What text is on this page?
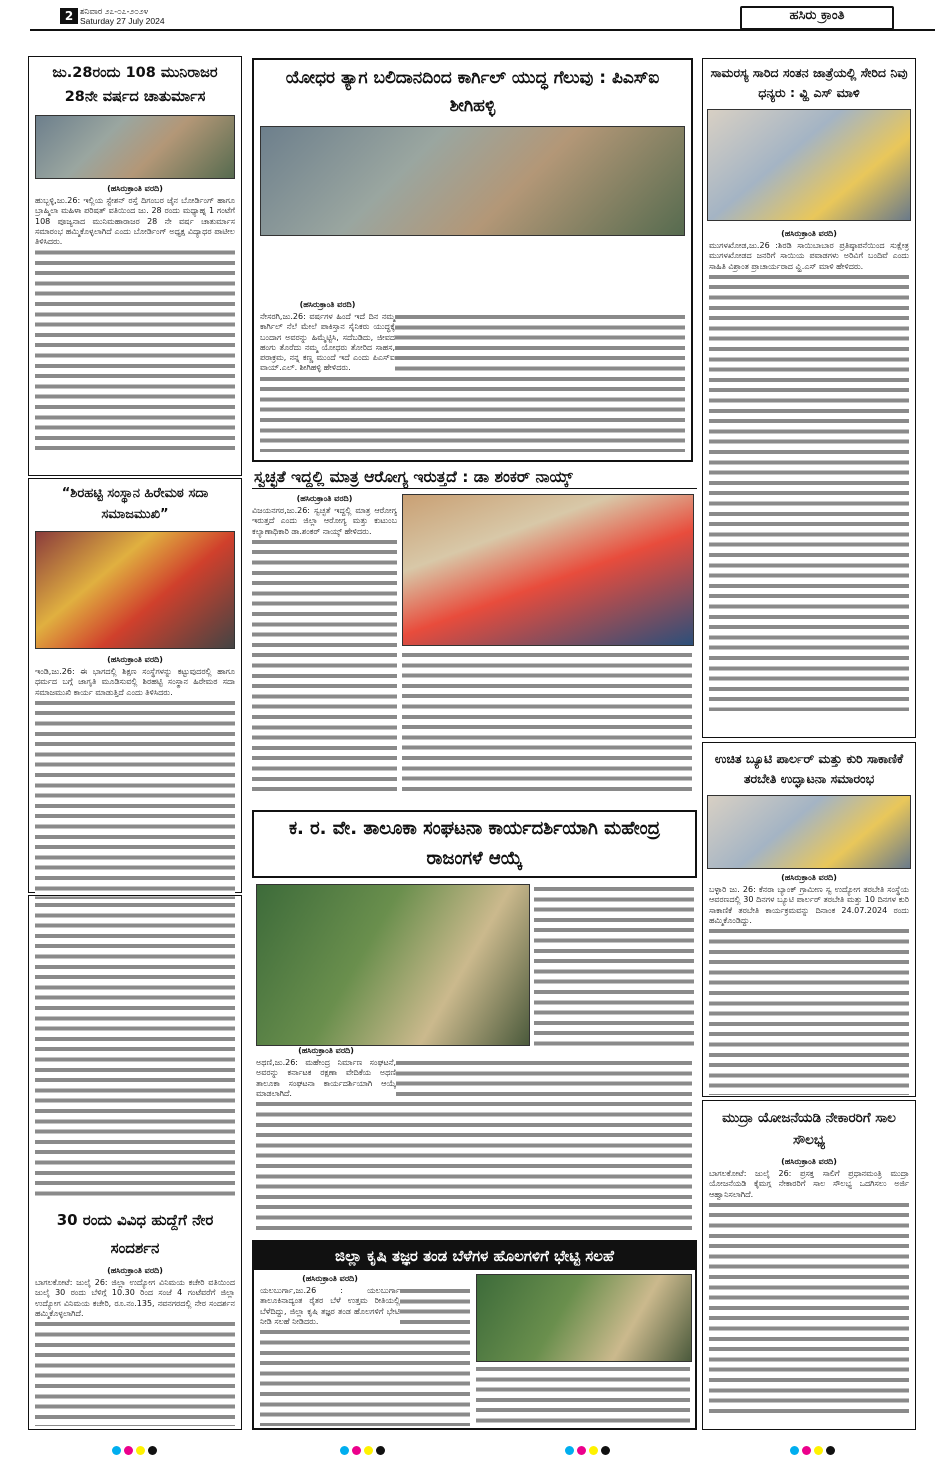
2 ಶನಿವಾರ ೨೭-೦೭-೨೦೨೪
Saturday 27 July 2024	ಹಸಿರು ಕ್ರಾಂತಿ
ಜು.28ರಂದು 108 ಮುನಿರಾಜರ 28ನೇ ವರ್ಷದ ಚಾತುರ್ಮಾಸ
(ಹಸಿರುಕ್ರಾಂತಿ ವರದಿ)
ಹುಬ್ಬಳ್ಳಿ,ಜು.26: ಇಲ್ಲಿಯ ಸ್ಟೇಶನ್ ರಸ್ತೆ ದಿಗಂಬರ ಜೈನ ಬೋರ್ಡಿಂಗ್ ಹಾಗೂ ಬ್ರಾಹ್ಮಿಲಾ ಮಹಿಳಾ ಪರಿಷತ್ ವತಿಯಿಂದ ಜು. 28 ರಂದು ಮಧ್ಯಾಹ್ನ 1 ಗಂಟೆಗೆ 108 ಪೂಜ್ಯನಾದ ಮುನಿಮಹಾರಾಜರ 28 ನೇ ವರ್ಷ ಚಾತುರ್ಮಾಸ ಸಮಾರಂಭ ಹಮ್ಮಿಕೊಳ್ಳಲಾಗಿದೆ ಎಂದು ಬೋರ್ಡಿಂಗ್ ಅಧ್ಯಕ್ಷ ವಿದ್ಯಾಧರ ಪಾಟೀಲ ತಿಳಿಸಿದರು.
“ಶಿರಹಟ್ಟಿ ಸಂಸ್ಥಾನ ಹಿರೇಮಠ ಸದಾ ಸಮಾಜಮುಖಿ”
(ಹಸಿರುಕ್ರಾಂತಿ ವರದಿ)
ಇಂಡಿ,ಜು.26: ಈ ಭಾಗದಲ್ಲಿ ಶಿಕ್ಷಣ ಸಂಸ್ಥೆಗಳನ್ನು ಕಟ್ಟುವುದರಲ್ಲಿ ಹಾಗೂ ಧರ್ಮದ ಬಗ್ಗೆ ಜಾಗೃತಿ ಮೂಡಿಸುವಲ್ಲಿ ಶಿರಹಟ್ಟಿ ಸಂಸ್ಥಾನ ಹಿರೇಮಠ ಸದಾ ಸಮಾಜಮುಖಿ ಕಾರ್ಯ ಮಾಡುತ್ತಿದೆ ಎಂದು ತಿಳಿಸಿದರು.
30 ರಂದು ವಿವಿಧ ಹುದ್ದೆಗೆ ನೇರ ಸಂದರ್ಶನ
(ಹಸಿರುಕ್ರಾಂತಿ ವರದಿ)
ಬಾಗಲಕೋಟೆ: ಜುಲೈ 26: ಜಿಲ್ಲಾ ಉದ್ಯೋಗ ವಿನಿಮಯ ಕಚೇರಿ ವತಿಯಿಂದ ಜುಲೈ 30 ರಂದು ಬೆಳಿಗ್ಗೆ 10.30 ರಿಂದ ಸಂಜೆ 4 ಗಂಟೆವರೆಗೆ ಜಿಲ್ಲಾ ಉದ್ಯೋಗ ವಿನಿಮಯ ಕಚೇರಿ, ರೂ.ನಂ.135, ನವನಗರದಲ್ಲಿ ನೇರ ಸಂದರ್ಶನ ಹಮ್ಮಿಕೊಳ್ಳಲಾಗಿದೆ.
ಯೋಧರ ತ್ಯಾಗ ಬಲಿದಾನದಿಂದ ಕಾರ್ಗಿಲ್ ಯುದ್ಧ ಗೆಲುವು : ಪಿಎಸ್ಐ ಶೀಗಿಹಳ್ಳಿ
(ಹಸಿರುಕ್ರಾಂತಿ ವರದಿ)
ನೇಸರಗಿ,ಜು.26: ವರ್ಷಗಳ ಹಿಂದೆ ಇದೆ ದಿನ ನಮ್ಮ ಕಾರ್ಗಿಲ್ ನೆಲೆ ಮೇಲೆ ಪಾಕಿಸ್ತಾನ ಸೈನಿಕರು ಯುದ್ಧಕ್ಕೆ ಬಂದಾಗ ಅವರನ್ನು ಹಿಮ್ಮೆಟ್ಟಿಸಿ, ಸದೆಬಡಿದು, ಜೀವದ ಹಂಗು ತೊರೆದು ನಮ್ಮ ಯೋಧರು ತೋರಿದ ಸಾಹಸ, ಪರಾಕ್ರಮ, ನನ್ನ ಕಣ್ಣ ಮುಂದೆ ಇದೆ ಎಂದು ಪಿಎಸ್ಐ ವಾಯ್.ಎಲ್. ಶೀಗಿಹಳ್ಳಿ ಹೇಳಿದರು.
ಸಾಮರಸ್ಯ ಸಾರಿದ ಸಂತನ ಜಾತ್ರೆಯಲ್ಲಿ ಸೇರಿದ ನಿವು ಧನ್ಯರು : ವ್ಹಿ ಎಸ್ ಮಾಳಿ
(ಹಸಿರುಕ್ರಾಂತಿ ವರದಿ)
ಮುಗಳಖೋಡ,ಜು.26 :ಶಿರಡಿ ಸಾಯಿಬಾಬಾರ ಪ್ರತಿಷ್ಠಾಪನೆಯಿಂದ ಸುಕ್ಷೇತ್ರ ಮುಗಳಖೋಡದ ಜನರಿಗೆ ಸಾಯಿಯ ಪವಾಡಗಳು ಅರಿವಿಗೆ ಬಂದಿವೆ ಎಂದು ಸಾಹಿತಿ ವಿಶ್ರಾಂತ ಪ್ರಾಚಾರ್ಯರಾದ ವ್ಹಿ.ಎಸ್ ಮಾಳಿ ಹೇಳಿದರು.
ಸ್ವಚ್ಛತೆ ಇದ್ದಲ್ಲಿ ಮಾತ್ರ ಆರೋಗ್ಯ ಇರುತ್ತದೆ : ಡಾ ಶಂಕರ್ ನಾಯ್ಕ್
(ಹಸಿರುಕ್ರಾಂತಿ ವರದಿ)
ವಿಜಯನಗರ,ಜು.26: ಸ್ವಚ್ಛತೆ ಇದ್ದಲ್ಲಿ ಮಾತ್ರ ಆರೋಗ್ಯ ಇರುತ್ತದೆ ಎಂದು ಜಿಲ್ಲಾ ಆರೋಗ್ಯ ಮತ್ತು ಕುಟುಂಬ ಕಲ್ಯಾಣಾಧಿಕಾರಿ ಡಾ.ಶಂಕರ್ ನಾಯ್ಕ್ ಹೇಳಿದರು.
ಕ. ರ. ವೇ. ತಾಲೂಕಾ ಸಂಘಟನಾ ಕಾರ್ಯದರ್ಶಿಯಾಗಿ ಮಹೇಂದ್ರ ರಾಜಂಗಳೆ ಆಯ್ಕೆ
(ಹಸಿರುಕ್ರಾಂತಿ ವರದಿ)
ಅಥಣಿ,ಜು.26: ಮಹೇಂದ್ರ ನಿರ್ಮಾಣ ಸಂಘಟನೆ, ಅವರನ್ನು ಕರ್ನಾಟಕ ರಕ್ಷಣಾ ವೇದಿಕೆಯ ಅಥಣಿ ತಾಲೂಕಾ ಸಂಘಟನಾ ಕಾರ್ಯದರ್ಶಿಯಾಗಿ ಆಯ್ಕೆ ಮಾಡಲಾಗಿದೆ.
ಉಚಿತ ಬ್ಯೂಟಿ ಪಾರ್ಲರ್ ಮತ್ತು ಕುರಿ ಸಾಕಾಣಿಕೆ ತರಬೇತಿ ಉದ್ಘಾಟನಾ ಸಮಾರಂಭ
(ಹಸಿರುಕ್ರಾಂತಿ ವರದಿ)
ಬಳ್ಳಾರಿ ಜು. 26: ಕೆನರಾ ಬ್ಯಾಂಕ್ ಗ್ರಾಮೀಣ ಸ್ವ ಉದ್ಯೋಗ ತರಬೇತಿ ಸಂಸ್ಥೆಯ ಆವರಣದಲ್ಲಿ 30 ದಿನಗಳ ಬ್ಯೂಟಿ ಪಾರ್ಲರ್ ತರಬೇತಿ ಮತ್ತು 10 ದಿನಗಳ ಕುರಿ ಸಾಕಾಣಿಕೆ ತರಬೇತಿ ಕಾರ್ಯಕ್ರಮವನ್ನು ದಿನಾಂಕ 24.07.2024 ರಂದು ಹಮ್ಮಿಕೊಂಡಿದ್ದು.
ಮುದ್ರಾ ಯೋಜನೆಯಡಿ ನೇಕಾರರಿಗೆ ಸಾಲ ಸೌಲಭ್ಯ
(ಹಸಿರುಕ್ರಾಂತಿ ವರದಿ)
ಬಾಗಲಕೋಟೆ: ಜುಲೈ 26: ಪ್ರಸಕ್ತ ಸಾಲಿಗೆ ಪ್ರಧಾನಮಂತ್ರಿ ಮುದ್ರಾ ಯೋಜನೆಯಡಿ ಕೈಮಗ್ಗ ನೇಕಾರರಿಗೆ ಸಾಲ ಸೌಲಭ್ಯ ಒದಗಿಸಲು ಅರ್ಜಿ ಆಹ್ವಾನಿಸಲಾಗಿದೆ.
ಜಿಲ್ಲಾ ಕೃಷಿ ತಜ್ಞರ ತಂಡ ಬೆಳೆಗಳ ಹೊಲಗಳಿಗೆ ಭೇಟ್ಟಿ ಸಲಹೆ
(ಹಸಿರುಕ್ರಾಂತಿ ವರದಿ)
ಯಲಬುರ್ಗಾ,ಜು.26 : ಯಲಬುರ್ಗಾ ತಾಲೂಕಿನಾದ್ಯಂತ ರೈತರ ಬೆಳೆ ಉತ್ತಮ ರೀತಿಯಲ್ಲಿ ಬೆಳೆದಿದ್ದು, ಜಿಲ್ಲಾ ಕೃಷಿ ತಜ್ಞರ ತಂಡ ಹೊಲಗಳಿಗೆ ಭೇಟಿ ನೀಡಿ ಸಲಹೆ ನೀಡಿದರು.
